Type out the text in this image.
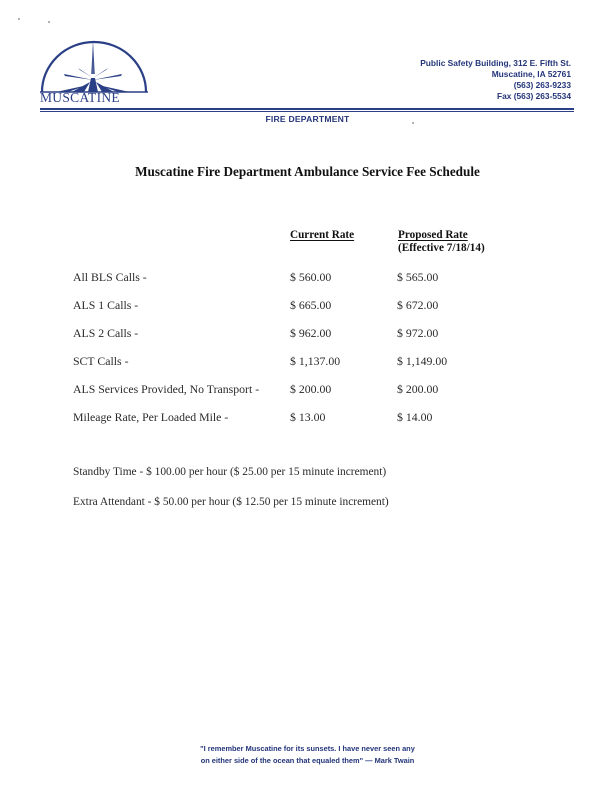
MUSCATINE
Public Safety Building, 312 E. Fifth St.
Muscatine, IA 52761
(563) 263-9233
Fax (563) 263-5534
FIRE DEPARTMENT
Muscatine Fire Department Ambulance Service Fee Schedule
Current Rate	Proposed Rate
(Effective 7/18/14)
All BLS Calls -	$ 560.00	$ 565.00
ALS 1 Calls -	$ 665.00	$ 672.00
ALS 2 Calls -	$ 962.00	$ 972.00
SCT Calls -	$ 1,137.00	$ 1,149.00
ALS Services Provided, No Transport -	$ 200.00	$ 200.00
Mileage Rate, Per Loaded Mile -	$ 13.00	$ 14.00
Standby Time - $ 100.00 per hour ($ 25.00 per 15 minute increment)
Extra Attendant - $ 50.00 per hour ($ 12.50 per 15 minute increment)
"I remember Muscatine for its sunsets. I have never seen any
on either side of the ocean that equaled them" — Mark Twain
